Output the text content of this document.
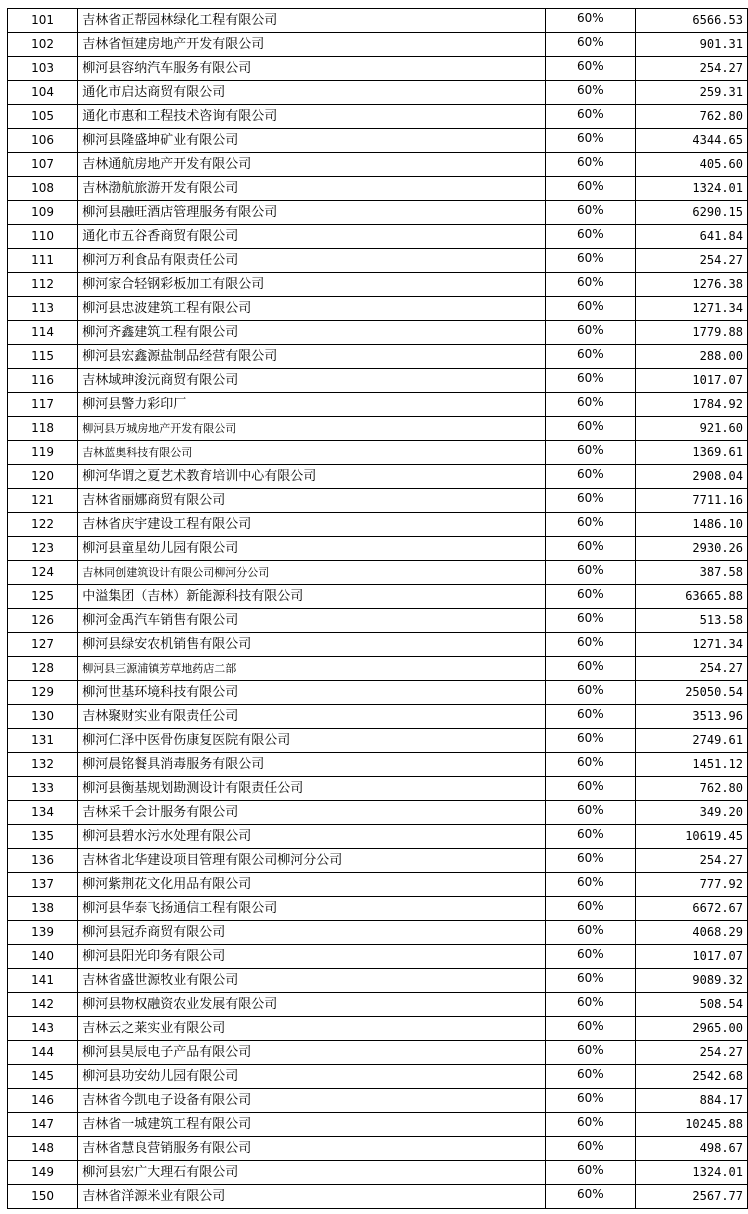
101	吉林省正帮园林绿化工程有限公司	60%	6566.53
102	吉林省恒建房地产开发有限公司	60%	901.31
103	柳河县容纳汽车服务有限公司	60%	254.27
104	通化市启达商贸有限公司	60%	259.31
105	通化市惠和工程技术咨询有限公司	60%	762.80
106	柳河县隆盛坤矿业有限公司	60%	4344.65
107	吉林通航房地产开发有限公司	60%	405.60
108	吉林渤航旅游开发有限公司	60%	1324.01
109	柳河县融旺酒店管理服务有限公司	60%	6290.15
110	通化市五谷香商贸有限公司	60%	641.84
111	柳河万利食品有限责任公司	60%	254.27
112	柳河家合轻钢彩板加工有限公司	60%	1276.38
113	柳河县忠波建筑工程有限公司	60%	1271.34
114	柳河齐鑫建筑工程有限公司	60%	1779.88
115	柳河县宏鑫源盐制品经营有限公司	60%	288.00
116	吉林域珅浚沅商贸有限公司	60%	1017.07
117	柳河县警力彩印厂	60%	1784.92
118	柳河县万城房地产开发有限公司	60%	921.60
119	吉林蓝奥科技有限公司	60%	1369.61
120	柳河华谓之夏艺术教育培训中心有限公司	60%	2908.04
121	吉林省丽娜商贸有限公司	60%	7711.16
122	吉林省庆宇建设工程有限公司	60%	1486.10
123	柳河县童星幼儿园有限公司	60%	2930.26
124	吉林同创建筑设计有限公司柳河分公司	60%	387.58
125	中溢集团（吉林）新能源科技有限公司	60%	63665.88
126	柳河金禹汽车销售有限公司	60%	513.58
127	柳河县绿安农机销售有限公司	60%	1271.34
128	柳河县三源浦镇芳草地药店二部	60%	254.27
129	柳河世基环境科技有限公司	60%	25050.54
130	吉林聚财实业有限责任公司	60%	3513.96
131	柳河仁泽中医骨伤康复医院有限公司	60%	2749.61
132	柳河晨铭餐具消毒服务有限公司	60%	1451.12
133	柳河县衡基规划勘测设计有限责任公司	60%	762.80
134	吉林采千会计服务有限公司	60%	349.20
135	柳河县碧水污水处理有限公司	60%	10619.45
136	吉林省北华建设项目管理有限公司柳河分公司	60%	254.27
137	柳河紫荆花文化用品有限公司	60%	777.92
138	柳河县华泰飞扬通信工程有限公司	60%	6672.67
139	柳河县冠乔商贸有限公司	60%	4068.29
140	柳河县阳光印务有限公司	60%	1017.07
141	吉林省盛世源牧业有限公司	60%	9089.32
142	柳河县物权融资农业发展有限公司	60%	508.54
143	吉林云之莱实业有限公司	60%	2965.00
144	柳河县昊辰电子产品有限公司	60%	254.27
145	柳河县功安幼儿园有限公司	60%	2542.68
146	吉林省今凯电子设备有限公司	60%	884.17
147	吉林省一城建筑工程有限公司	60%	10245.88
148	吉林省慧良营销服务有限公司	60%	498.67
149	柳河县宏广大理石有限公司	60%	1324.01
150	吉林省洋源米业有限公司	60%	2567.77
